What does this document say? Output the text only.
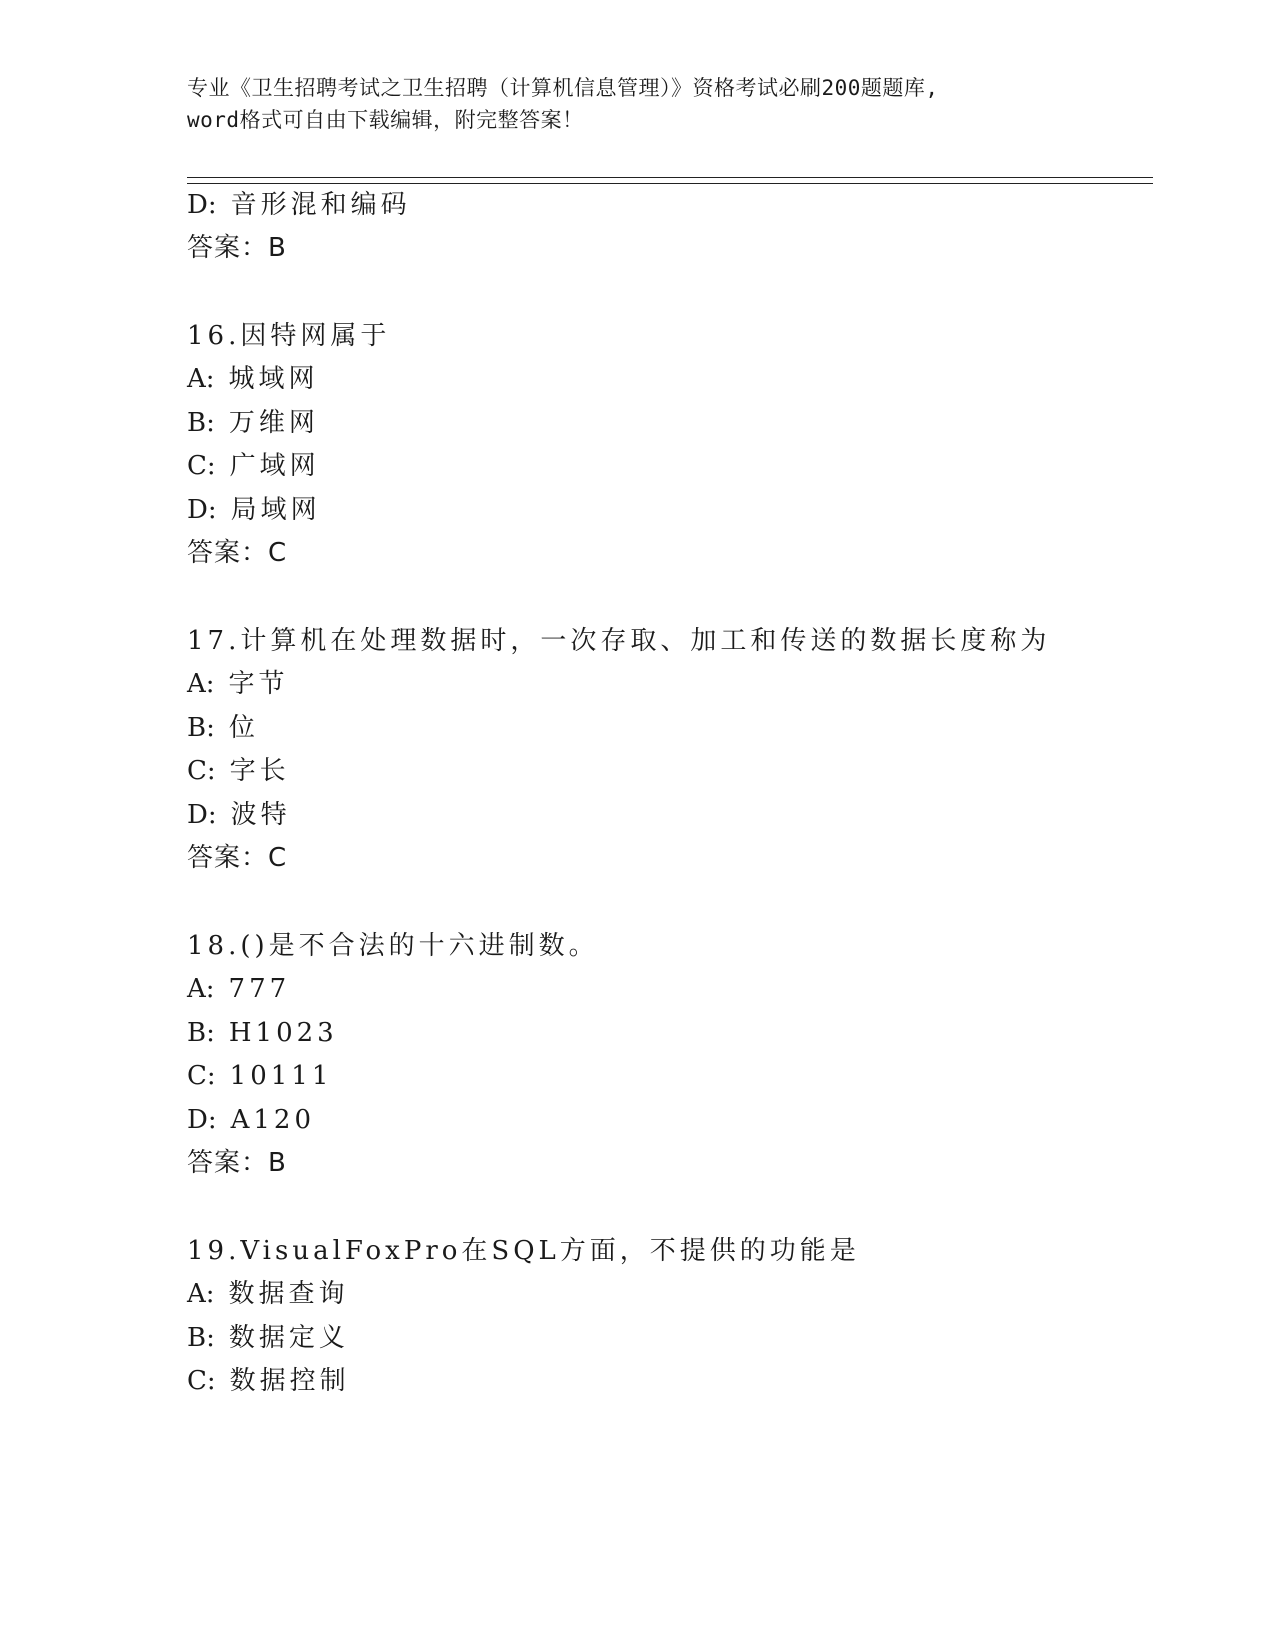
专业《卫生招聘考试之卫生招聘（计算机信息管理）》资格考试必刷200题题库,
word格式可自由下载编辑，附完整答案！
D: 音形混和编码
答案：B
16.因特网属于
A: 城域网
B: 万维网
C: 广域网
D: 局域网
答案：C
17.计算机在处理数据时，一次存取、加工和传送的数据长度称为
A: 字节
B: 位
C: 字长
D: 波特
答案：C
18.()是不合法的十六进制数。
A: 777
B: H1023
C: 10111
D: A120
答案：B
19.VisualFoxPro在SQL方面，不提供的功能是
A: 数据查询
B: 数据定义
C: 数据控制
